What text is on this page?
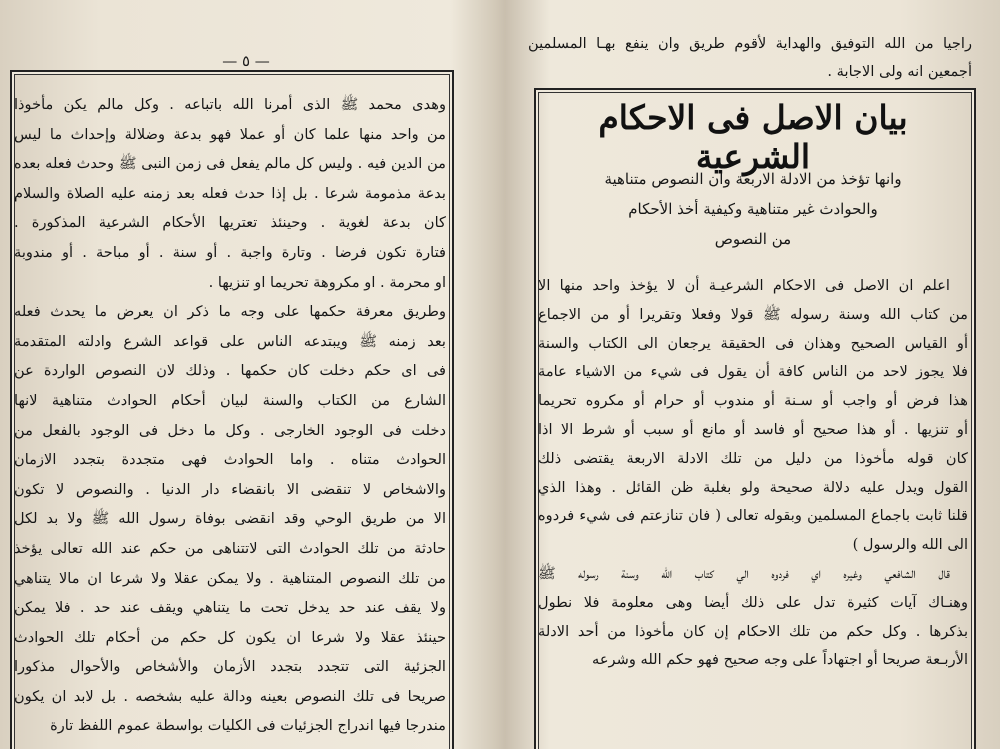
— ٥ —
وهدى محمد ﷺ الذى أمرنا الله باتباعه . وكل مالم يكن مأخوذا
من واحد منها علما كان أو عملا فهو بدعة وضلالة وإحداث ما ليس
من الدين فيه . وليس كل مالم يفعل فى زمن النبى ﷺ وحدث فعله بعده
بدعة مذمومة شرعا . بل إذا حدث فعله بعد زمنه عليه الصلاة والسلام
كان بدعة لغوية . وحينئذ تعتريها الأحكام الشرعية المذكورة .
فتارة تكون فرضا . وتارة واجبة . أو سنة . أو مباحة . أو مندوبة
او محرمة . او مكروهة تحريما او تنزيها .
وطريق معرفة حكمها على وجه ما ذكر ان يعرض ما يحدث فعله
بعد زمنه ﷺ ويبتدعه الناس على قواعد الشرع وادلته المتقدمة
فى اى حكم دخلت كان حكمها . وذلك لان النصوص الواردة عن
الشارع من الكتاب والسنة لبيان أحكام الحوادث متناهية لانها
دخلت فى الوجود الخارجى . وكل ما دخل فى الوجود بالفعل من
الحوادث متناه . واما الحوادث فهى متجددة بتجدد الازمان
والاشخاص لا تنقضى الا بانقضاء دار الدنيا . والنصوص لا تكون
الا من طريق الوحي وقد انقضى بوفاة رسول الله ﷺ ولا بد لكل
حادثة من تلك الحوادث التى لاتتناهى من حكم عند الله تعالى يؤخذ
من تلك النصوص المتناهية . ولا يمكن عقلا ولا شرعا ان مالا يتناهي
ولا يقف عند حد يدخل تحت ما يتناهي ويقف عند حد . فلا يمكن
حينئذ عقلا ولا شرعا ان يكون كل حكم من أحكام تلك الحوادث
الجزئية التى تتجدد بتجدد الأزمان والأشخاص والأحوال مذكورا
صريحا فى تلك النصوص بعينه ودالة عليه بشخصه . بل لابد ان يكون
مندرجا فيها اندراج الجزئيات فى الكليات بواسطة عموم اللفظ تارة
راجيا من الله التوفيق والهداية لأقوم طريق وان ينفع بهـا المسلمين
أجمعين انه ولى الاجابة .
بيان الاصل فى الاحكام الشرعية
وانها تؤخذ من الادلة الاربعة وان النصوص متناهية
والحوادث غير متناهية وكيفية أخذ الأحكام
من النصوص
اعلم ان الاصل فى الاحكام الشرعيـة أن لا يؤخذ واحد منها الا
من كتاب الله وسنة رسوله ﷺ قولا وفعلا وتقريرا أو من الاجماع
أو القياس الصحيح وهذان فى الحقيقة يرجعان الى الكتاب والسنة
فلا يجوز لاحد من الناس كافة أن يقول فى شيء من الاشياء عامة
هذا فرض أو واجب أو سـنة أو مندوب أو حرام أو مكروه تحريما
أو تنزيها . أو هذا صحيح أو فاسد أو مانع أو سبب أو شرط الا اذا
كان قوله مأخوذا من دليل من تلك الادلة الاربعة يقتضى ذلك
القول ويدل عليه دلالة صحيحة ولو بغلبة ظن القائل . وهذا الذي
قلنا ثابت باجماع المسلمين وبقوله تعالى ( فان تنازعتم فى شيء فردوه
الى الله والرسول )
قال الشافعي وغيره اي فردوه الي كتاب الله وسنة رسوله ﷺ
وهنـاك آيات كثيرة تدل على ذلك أيضا وهى معلومة فلا نطول
بذكرها . وكل حكم من تلك الاحكام إن كان مأخوذا من أحد الادلة
الأربـعة صريحا أو اجتهاداً على وجه صحيح فهو حكم الله وشرعه
